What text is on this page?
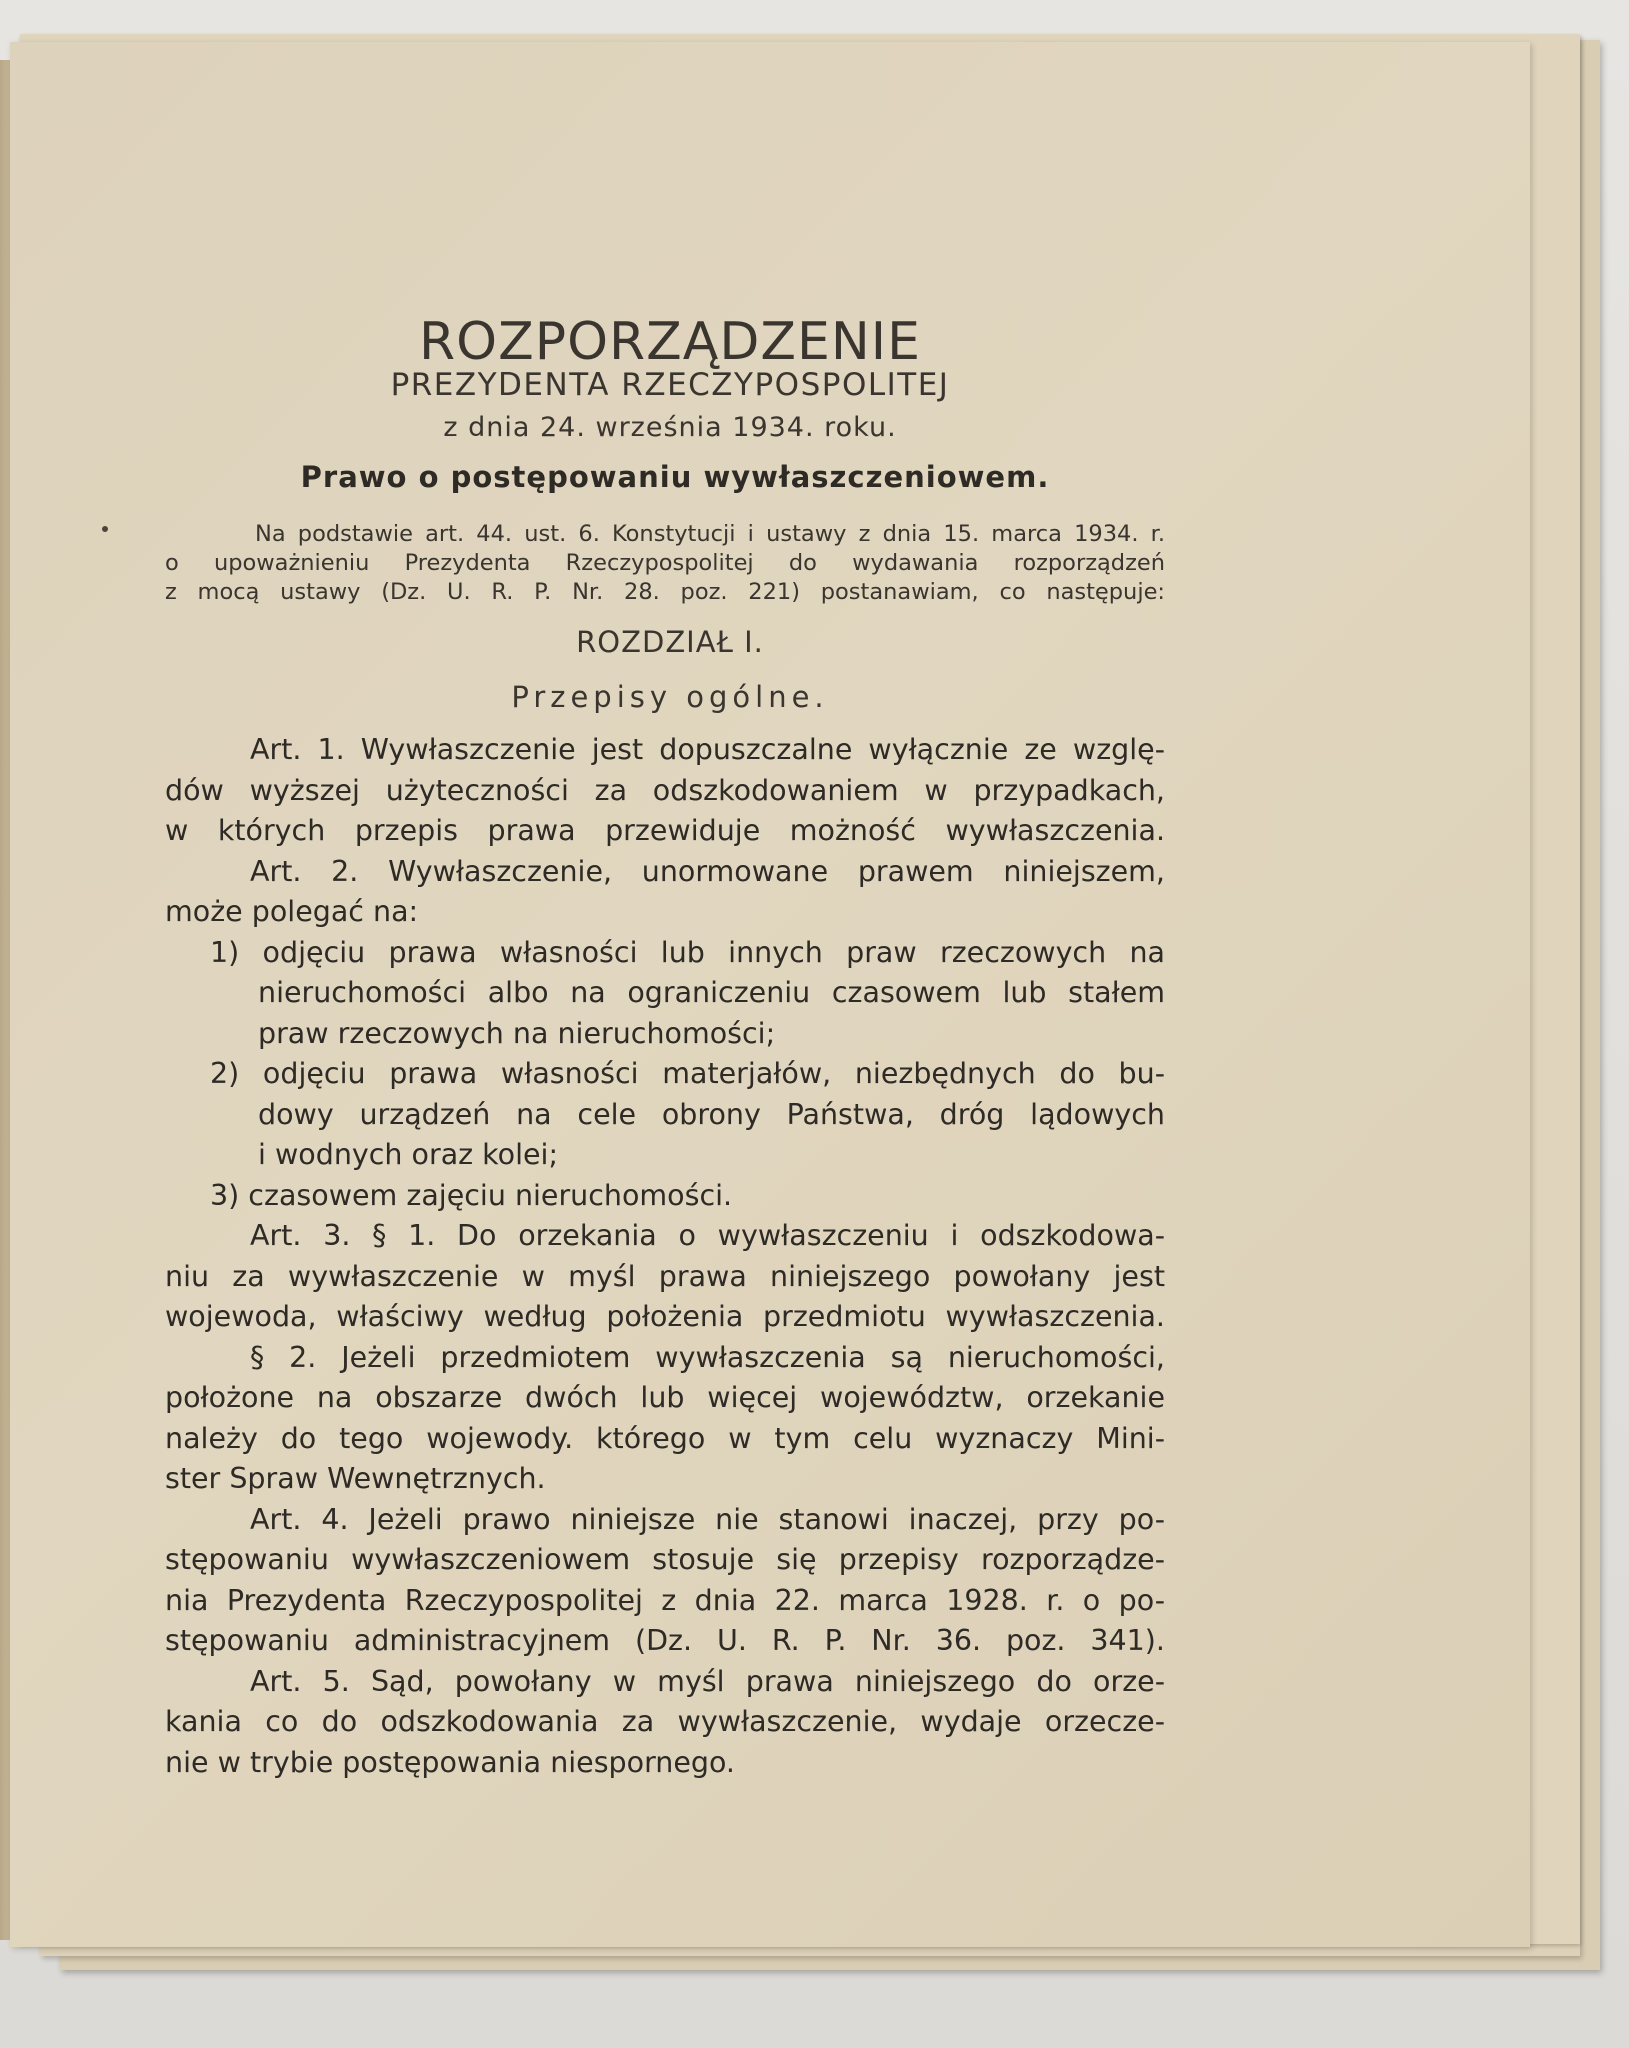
ROZPORZĄDZENIE
PREZYDENTA RZECZYPOSPOLITEJ
z dnia 24. września 1934. roku.
Prawo o postępowaniu wywłaszczeniowem.
Na podstawie art. 44. ust. 6. Konstytucji i ustawy z dnia 15. marca 1934. r.
o upoważnieniu Prezydenta Rzeczypospolitej do wydawania rozporządzeń
z mocą ustawy (Dz. U. R. P. Nr. 28. poz. 221) postanawiam, co następuje:
ROZDZIAŁ I.
Przepisy ogólne.
Art. 1. Wywłaszczenie jest dopuszczalne wyłącznie ze wzglę-
dów wyższej użyteczności za odszkodowaniem w przypadkach,
w których przepis prawa przewiduje możność wywłaszczenia.
Art. 2. Wywłaszczenie, unormowane prawem niniejszem,
może polegać na:
1) odjęciu prawa własności lub innych praw rzeczowych na
nieruchomości albo na ograniczeniu czasowem lub stałem
praw rzeczowych na nieruchomości;
2) odjęciu prawa własności materjałów, niezbędnych do bu-
dowy urządzeń na cele obrony Państwa, dróg lądowych
i wodnych oraz kolei;
3) czasowem zajęciu nieruchomości.
Art. 3. § 1. Do orzekania o wywłaszczeniu i odszkodowa-
niu za wywłaszczenie w myśl prawa niniejszego powołany jest
wojewoda, właściwy według położenia przedmiotu wywłaszczenia.
§ 2. Jeżeli przedmiotem wywłaszczenia są nieruchomości,
położone na obszarze dwóch lub więcej województw, orzekanie
należy do tego wojewody. którego w tym celu wyznaczy Mini-
ster Spraw Wewnętrznych.
Art. 4. Jeżeli prawo niniejsze nie stanowi inaczej, przy po-
stępowaniu wywłaszczeniowem stosuje się przepisy rozporządze-
nia Prezydenta Rzeczypospolitej z dnia 22. marca 1928. r. o po-
stępowaniu administracyjnem (Dz. U. R. P. Nr. 36. poz. 341).
Art. 5. Sąd, powołany w myśl prawa niniejszego do orze-
kania co do odszkodowania za wywłaszczenie, wydaje orzecze-
nie w trybie postępowania niespornego.
